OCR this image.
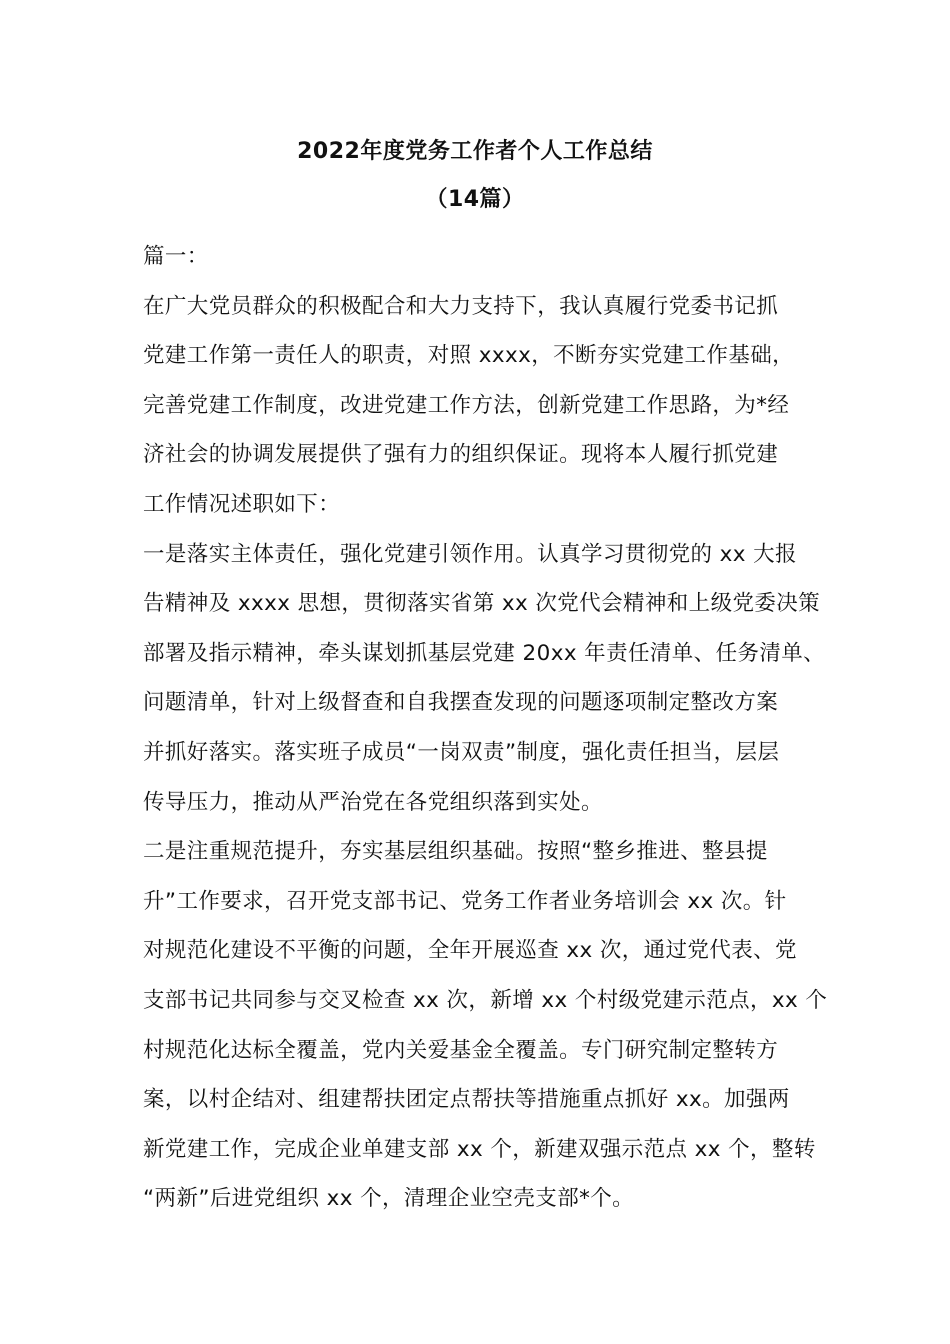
2022年度党务工作者个人工作总结
（14篇）
篇一：
在广大党员群众的积极配合和大力支持下，我认真履行党委书记抓
党建工作第一责任人的职责，对照 xxxx，不断夯实党建工作基础，
完善党建工作制度，改进党建工作方法，创新党建工作思路，为*经
济社会的协调发展提供了强有力的组织保证。现将本人履行抓党建
工作情况述职如下：
一是落实主体责任，强化党建引领作用。认真学习贯彻党的 xx 大报
告精神及 xxxx 思想，贯彻落实省第 xx 次党代会精神和上级党委决策
部署及指示精神，牵头谋划抓基层党建 20xx 年责任清单、任务清单、
问题清单，针对上级督查和自我摆查发现的问题逐项制定整改方案
并抓好落实。落实班子成员“一岗双责”制度，强化责任担当，层层
传导压力，推动从严治党在各党组织落到实处。
二是注重规范提升，夯实基层组织基础。按照“整乡推进、整县提
升”工作要求，召开党支部书记、党务工作者业务培训会 xx 次。针
对规范化建设不平衡的问题，全年开展巡查 xx 次，通过党代表、党
支部书记共同参与交叉检查 xx 次，新增 xx 个村级党建示范点，xx 个
村规范化达标全覆盖，党内关爱基金全覆盖。专门研究制定整转方
案，以村企结对、组建帮扶团定点帮扶等措施重点抓好 xx。加强两
新党建工作，完成企业单建支部 xx 个，新建双强示范点 xx 个，整转
“两新”后进党组织 xx 个，清理企业空壳支部*个。
